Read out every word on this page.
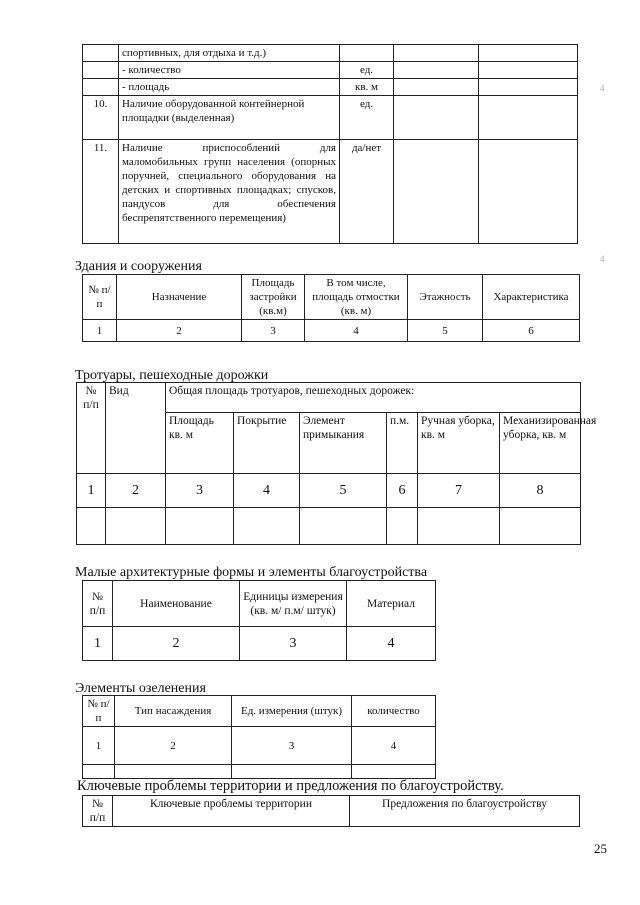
	спортивных, для отдыха и т.д.)			
	- количество	ед.		
	- площадь	кв. м		
10.	Наличие оборудованной контейнерной площадки (выделенная)	ед.		
11.	Наличие приспособлений для маломобильных групп населения (опорных поручней, специального оборудования на детских и спортивных площадках; спусков, пандусов для обеспечения беспрепятственного перемещения)	да/нет		
Здания и сооружения
№ п/п	Назначение	Площадь застройки (кв.м)	В том числе, площадь отмостки (кв. м)	Этажность	Характеристика
1	2	3	4	5	6
Тротуары, пешеходные дорожки
№ п/п	Вид	Общая площадь тротуаров, пешеходных дорожек:					
		Площадь кв. м	Покрытие	Элемент примыкания	п.м.	Ручная уборка, кв. м	Механизированная уборка, кв. м
1	2	3	4	5	6	7	8

Малые архитектурные формы и элементы благоустройства
№ п/п	Наименование	Единицы измерения (кв. м/ п.м/ штук)	Материал
1	2	3	4
Элементы озеленения
№ п/п	Тип насаждения	Ед. измерения (штук)	количество
1	2	3	4

Ключевые проблемы территории и предложения по благоустройству.
№ п/п	Ключевые проблемы территории	Предложения по благоустройству
25
4
4
